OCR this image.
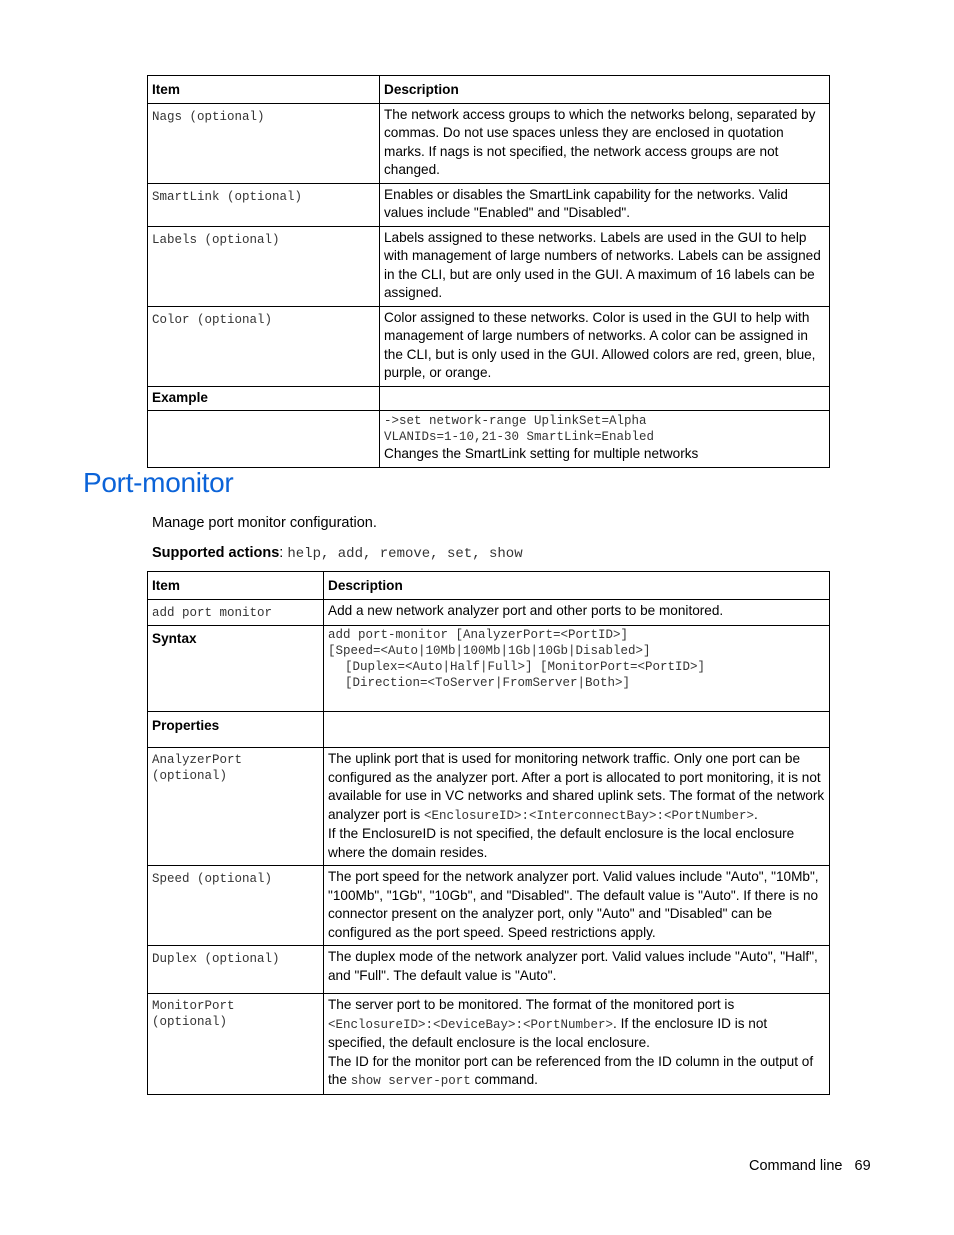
Item	Description
Nags (optional)	The network access groups to which the networks belong, separated by commas. Do not use spaces unless they are enclosed in quotation marks. If nags is not specified, the network access groups are not changed.
SmartLink (optional)	Enables or disables the SmartLink capability for the networks. Valid values include "Enabled" and "Disabled".
Labels (optional)	Labels assigned to these networks. Labels are used in the GUI to help with management of large numbers of networks. Labels can be assigned in the CLI, but are only used in the GUI. A maximum of 16 labels can be assigned.
Color (optional)	Color assigned to these networks. Color is used in the GUI to help with management of large numbers of networks. A color can be assigned in the CLI, but is only used in the GUI. Allowed colors are red, green, blue, purple, or orange.
Example	

	->set network-range UplinkSet=Alpha
VLANIDs=1-10,21-30 SmartLink=Enabled
Changes the SmartLink setting for multiple networks
Port-monitor

Manage port monitor configuration.

Supported actions: help, add, remove, set, show

Item	Description
add port monitor	Add a new network analyzer port and other ports to be monitored.
Syntax	add port-monitor [AnalyzerPort=<PortID>]
[Speed=<Auto|10Mb|100Mb|1Gb|10Gb|Disabled>]
[Duplex=<Auto|Half|Full>] [MonitorPort=<PortID>]
[Direction=<ToServer|FromServer|Both>]

Properties	

AnalyzerPort
(optional)	The uplink port that is used for monitoring network traffic. Only one port can be configured as the analyzer port. After a port is allocated to port monitoring, it is not available for use in VC networks and shared uplink sets. The format of the network analyzer port is <EnclosureID>:<InterconnectBay>:<PortNumber>.
If the EnclosureID is not specified, the default enclosure is the local enclosure where the domain resides.
Speed (optional)	The port speed for the network analyzer port. Valid values include "Auto", "10Mb", "100Mb", "1Gb", "10Gb", and "Disabled". The default value is "Auto". If there is no connector present on the analyzer port, only "Auto" and "Disabled" can be configured as the port speed. Speed restrictions apply.
Duplex (optional)	The duplex mode of the network analyzer port. Valid values include "Auto", "Half", and "Full". The default value is "Auto".

MonitorPort
(optional)	The server port to be monitored. The format of the monitored port is
<EnclosureID>:<DeviceBay>:<PortNumber>. If the enclosure ID is not specified, the default enclosure is the local enclosure.
The ID for the monitor port can be referenced from the ID column in the output of the show server-port command.
Command line 69
